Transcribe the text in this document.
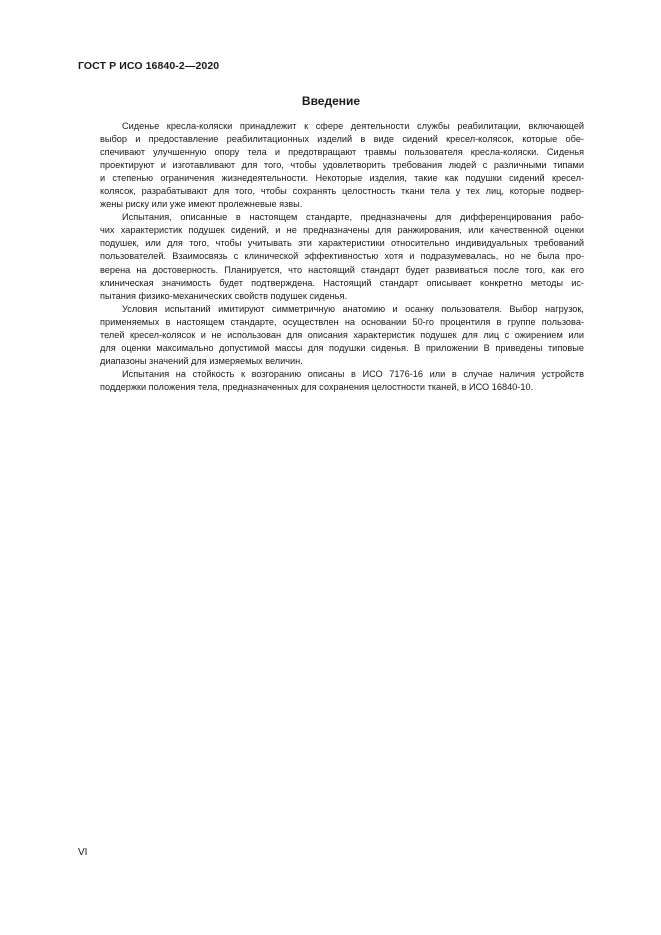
ГОСТ Р ИСО 16840-2—2020
Введение
Сиденье кресла-коляски принадлежит к сфере деятельности службы реабилитации, включающей
выбор и предоставление реабилитационных изделий в виде сидений кресел-колясок, которые обе-
спечивают улучшенную опору тела и предотвращают травмы пользователя кресла-коляски. Сиденья
проектируют и изготавливают для того, чтобы удовлетворить требования людей с различными типами
и степенью ограничения жизнедеятельности. Некоторые изделия, такие как подушки сидений кресел-
колясок, разрабатывают для того, чтобы сохранять целостность ткани тела у тех лиц, которые подвер-
жены риску или уже имеют пролежневые язвы.
Испытания, описанные в настоящем стандарте, предназначены для дифференцирования рабо-
чих характеристик подушек сидений, и не предназначены для ранжирования, или качественной оценки
подушек, или для того, чтобы учитывать эти характеристики относительно индивидуальных требований
пользователей. Взаимосвязь с клинической эффективностью хотя и подразумевалась, но не была про-
верена на достоверность. Планируется, что настоящий стандарт будет развиваться после того, как его
клиническая значимость будет подтверждена. Настоящий стандарт описывает конкретно методы ис-
пытания физико-механических свойств подушек сиденья.
Условия испытаний имитируют симметричную анатомию и осанку пользователя. Выбор нагрузок,
применяемых в настоящем стандарте, осуществлен на основании 50-го процентиля в группе пользова-
телей кресел-колясок и не использован для описания характеристик подушек для лиц с ожирением или
для оценки максимально допустимой массы для подушки сиденья. В приложении В приведены типовые
диапазоны значений для измеряемых величин.
Испытания на стойкость к возгоранию описаны в ИСО 7176-16 или в случае наличия устройств
поддержки положения тела, предназначенных для сохранения целостности тканей, в ИСО 16840-10.
VI
